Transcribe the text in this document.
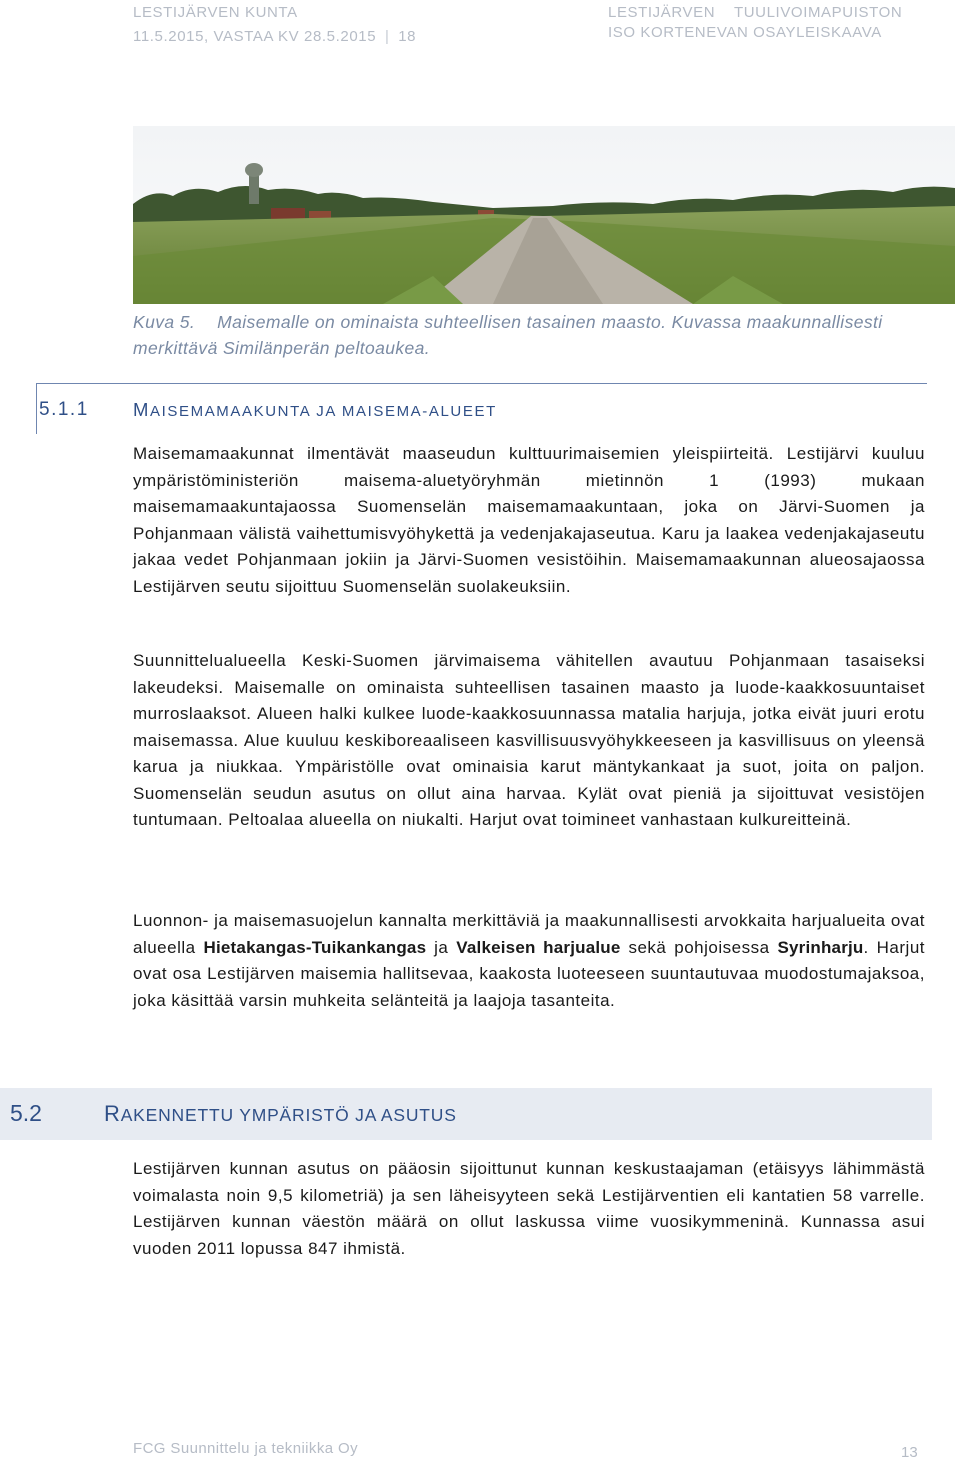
LESTIJÄRVEN KUNTA
11.5.2015, VASTAA KV 28.5.2015 | 18
LESTIJÄRVEN    TUULIVOIMAPUISTON
ISO KORTENEVAN OSAYLEISKAAVA
Kuva 5. Maisemalle on ominaista suhteellisen tasainen maasto. Kuvassa maakunnallisesti merkittävä Similänperän peltoaukea.
5.1.1 MAISEMAMAAKUNTA JA MAISEMA-ALUEET
Maisemamaakunnat ilmentävät maaseudun kulttuurimaisemien yleispiirteitä. Lestijärvi kuuluu ympäristöministeriön maisema-aluetyöryhmän mietinnön 1 (1993) mukaan maisemamaakuntajaossa Suomenselän maisemamaakuntaan, joka on Järvi-Suomen ja Pohjanmaan välistä vaihettumisvyöhykettä ja vedenjakajaseutua. Karu ja laakea vedenjakajaseutu jakaa vedet Pohjanmaan jokiin ja Järvi-Suomen vesistöihin. Maisemamaakunnan alueosajaossa Lestijärven seutu sijoittuu Suomenselän suolakeuksiin.
Suunnittelualueella Keski-Suomen järvimaisema vähitellen avautuu Pohjanmaan tasaiseksi lakeudeksi. Maisemalle on ominaista suhteellisen tasainen maasto ja luode-kaakkosuuntaiset murroslaaksot. Alueen halki kulkee luode-kaakkosuunnassa matalia harjuja, jotka eivät juuri erotu maisemassa. Alue kuuluu keskiboreaaliseen kasvillisuusvyöhykkeeseen ja kasvillisuus on yleensä karua ja niukkaa. Ympäristölle ovat ominaisia karut mäntykankaat ja suot, joita on paljon. Suomenselän seudun asutus on ollut aina harvaa. Kylät ovat pieniä ja sijoittuvat vesistöjen tuntumaan. Peltoalaa alueella on niukalti. Harjut ovat toimineet vanhastaan kulkureitteinä.
Luonnon- ja maisemasuojelun kannalta merkittäviä ja maakunnallisesti arvokkaita harjualueita ovat alueella Hietakangas-Tuikankangas ja Valkeisen harjualue sekä pohjoisessa Syrinharju. Harjut ovat osa Lestijärven maisemia hallitsevaa, kaakosta luoteeseen suuntautuvaa muodostumajaksoa, joka käsittää varsin muhkeita selänteitä ja laajoja tasanteita.
5.2	RAKENNETTU YMPÄRISTÖ JA ASUTUS
Lestijärven kunnan asutus on pääosin sijoittunut kunnan keskustaajaman (etäisyys lähimmästä voimalasta noin 9,5 kilometriä) ja sen läheisyyteen sekä Lestijärventien eli kantatien 58 varrelle. Lestijärven kunnan väestön määrä on ollut laskussa viime vuosikymmeninä. Kunnassa asui vuoden 2011 lopussa 847 ihmistä.
FCG Suunnittelu ja tekniikka Oy	13
